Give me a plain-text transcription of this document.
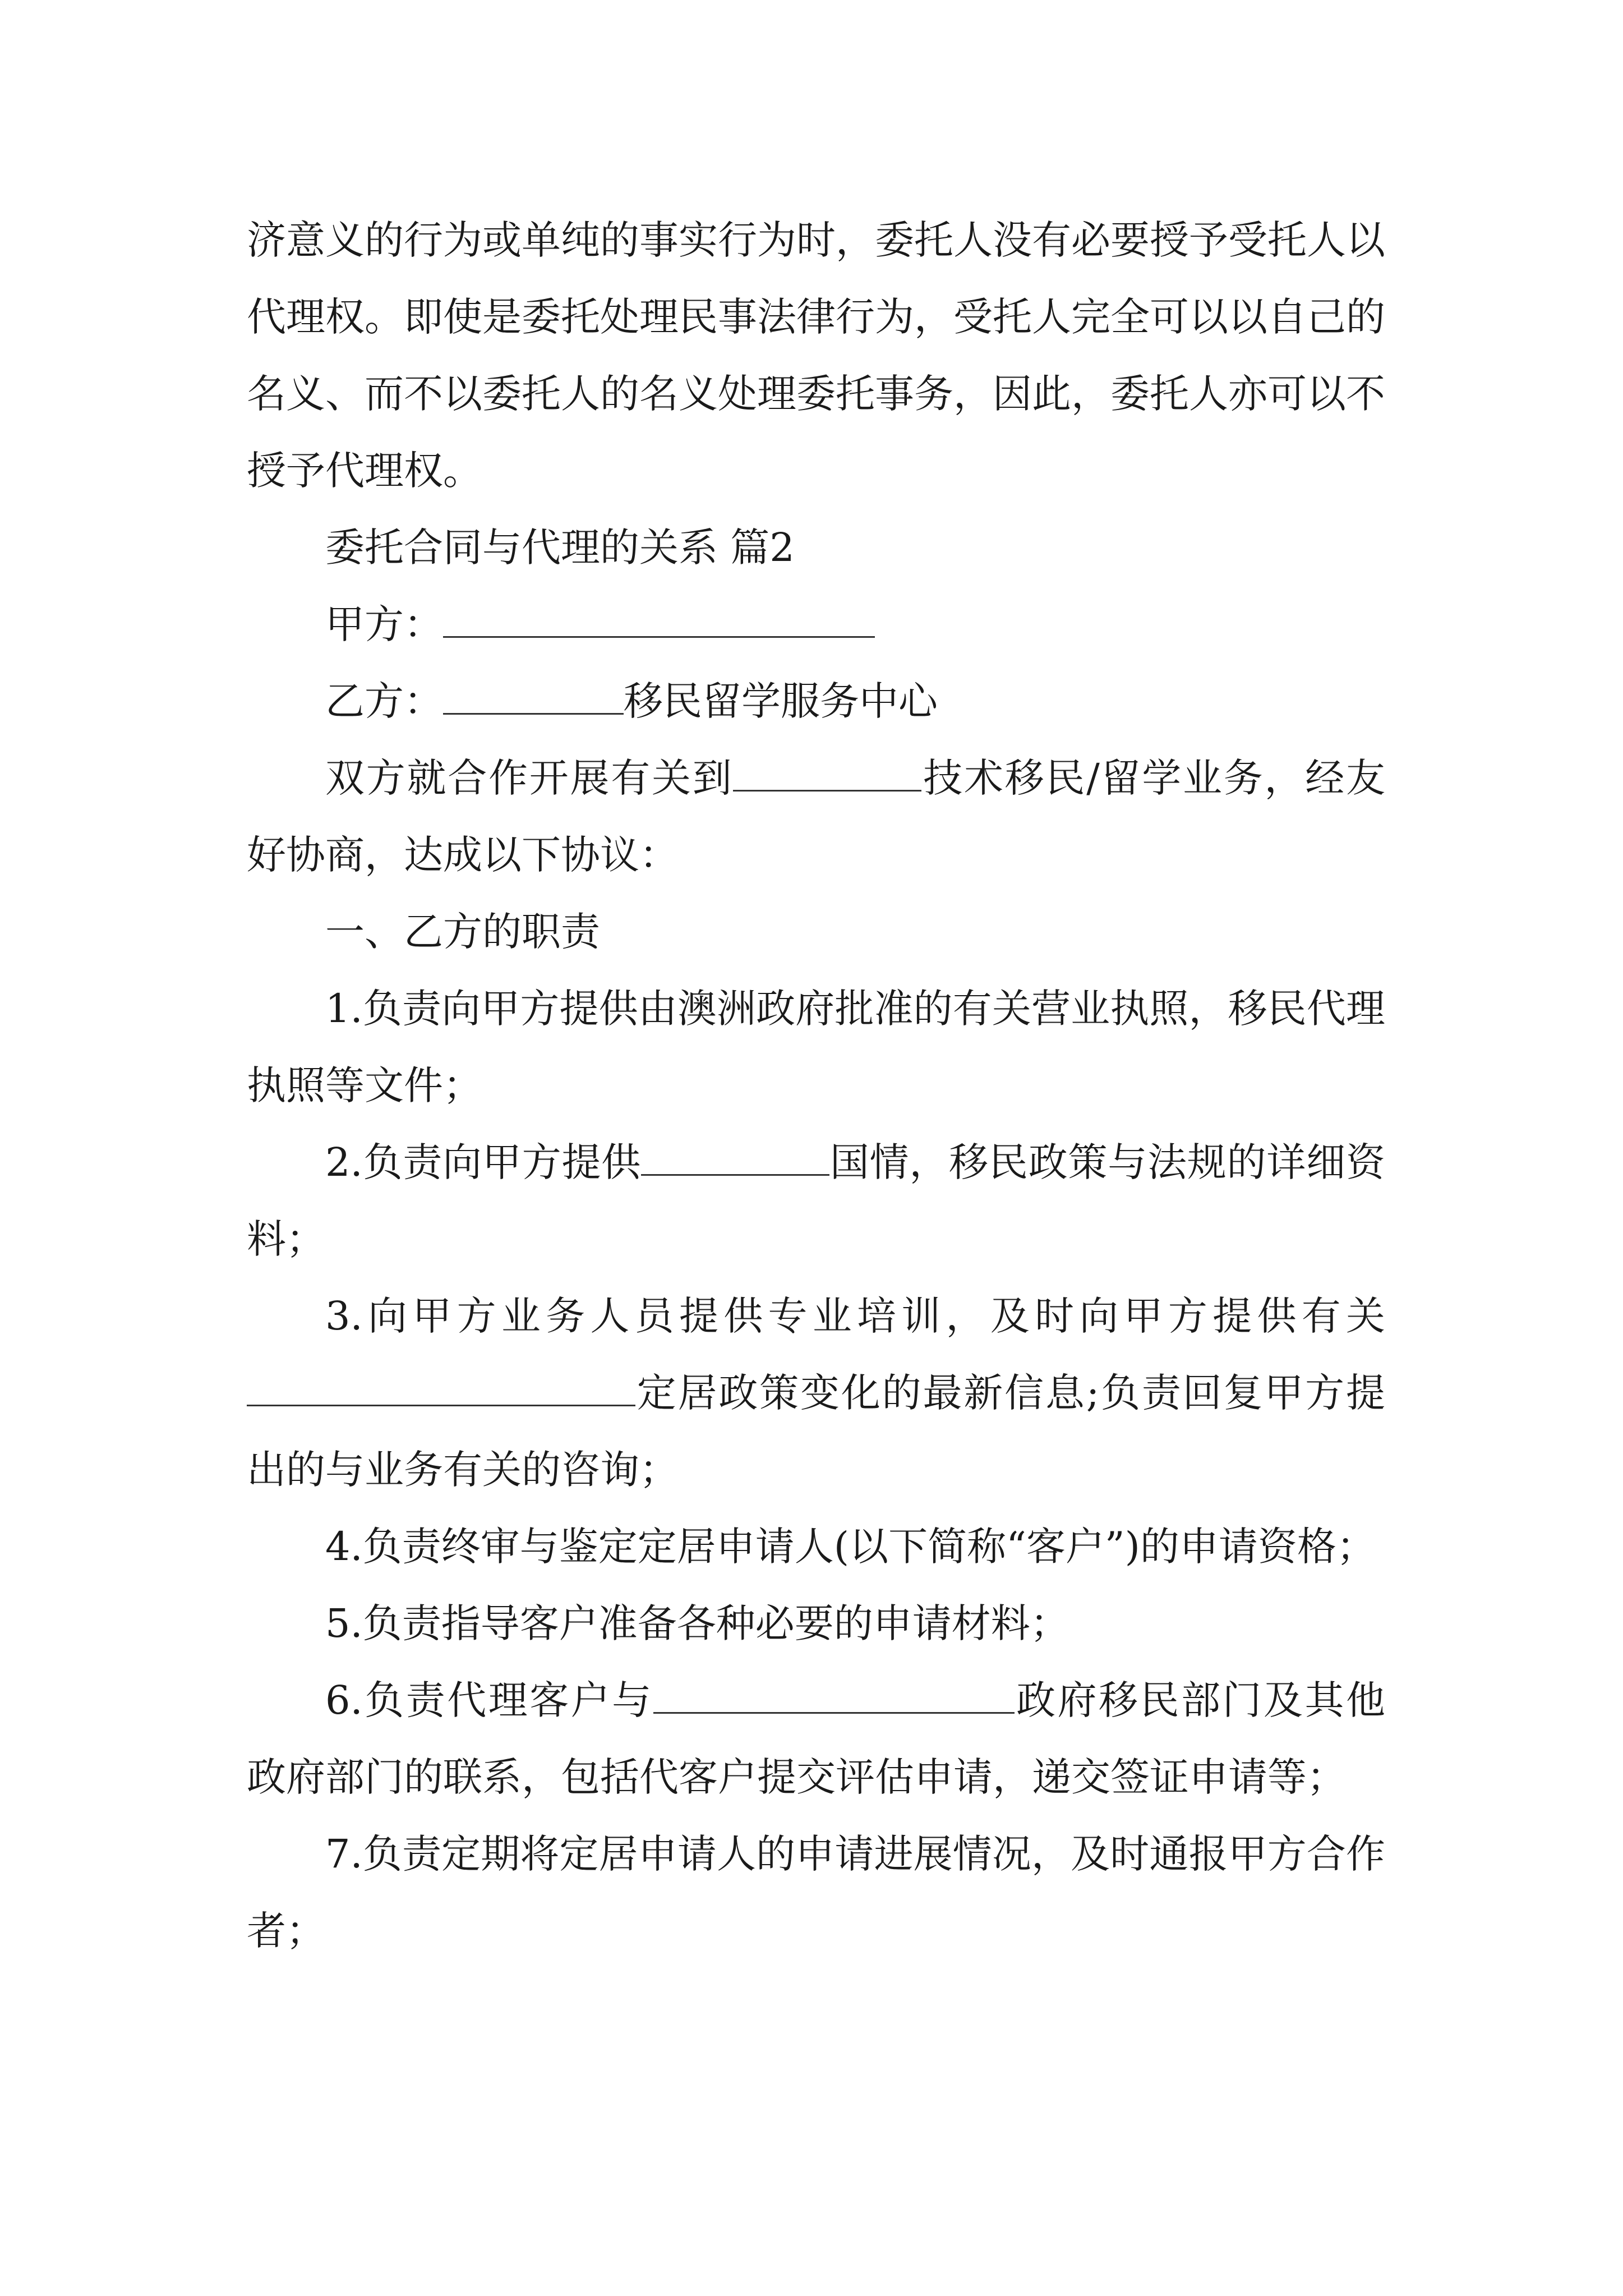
济意义的行为或单纯的事实行为时，委托人没有必要授予受托人以代理权。即使是委托处理民事法律行为，受托人完全可以以自己的名义、而不以委托人的名义处理委托事务，因此，委托人亦可以不授予代理权。

委托合同与代理的关系 篇2

甲方：

乙方：	移民留学服务中心

双方就合作开展有关到	技术移民/留学业务，经友好协商，达成以下协议：

一、乙方的职责

1.负责向甲方提供由澳洲政府批准的有关营业执照，移民代理执照等文件；

2.负责向甲方提供	国情，移民政策与法规的详细资料；

3.向甲方业务人员提供专业培训，及时向甲方提供有关定居政策变化的最新信息;负责回复甲方提出的与业务有关的咨询；

4.负责终审与鉴定定居申请人(以下简称“客户”)的申请资格；

5.负责指导客户准备各种必要的申请材料；

6.负责代理客户与	政府移民部门及其他政府部门的联系，包括代客户提交评估申请，递交签证申请等；

7.负责定期将定居申请人的申请进展情况，及时通报甲方合作者；
